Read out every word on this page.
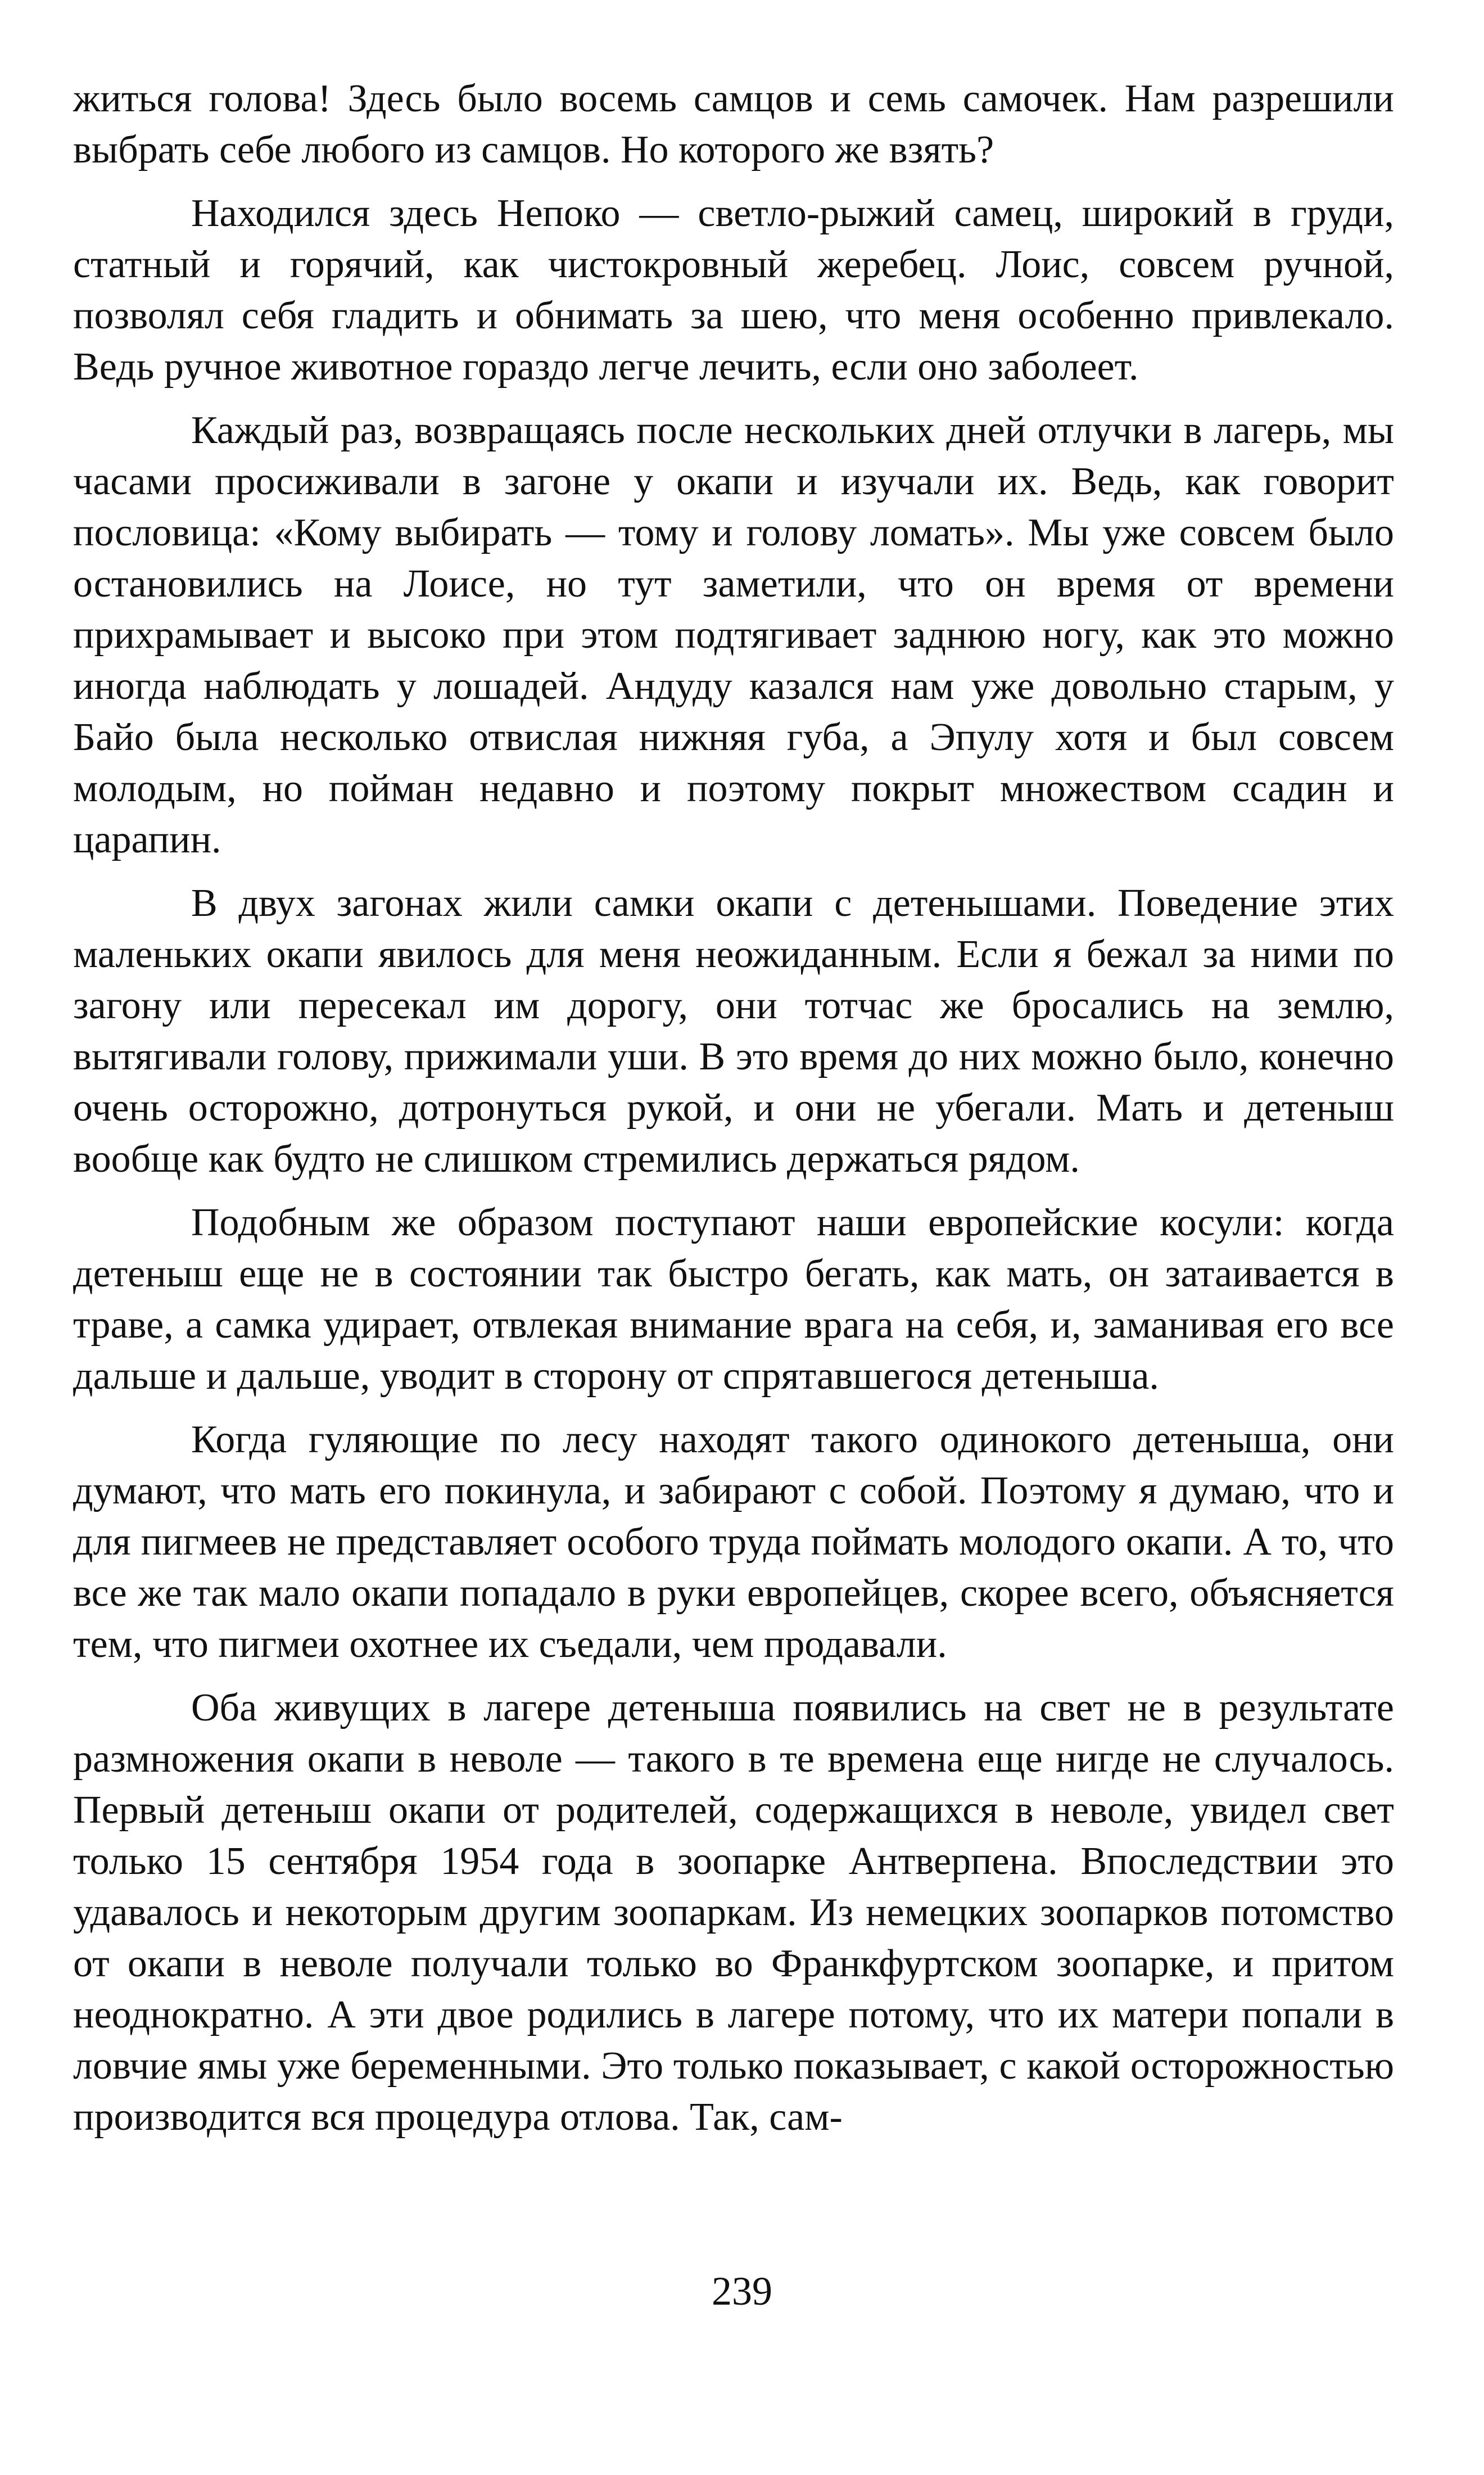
житься голова! Здесь было восемь самцов и семь самочек. Нам разрешили выбрать себе любого из самцов. Но которого же взять?

Находился здесь Непоко — светло-рыжий самец, широкий в груди, статный и горячий, как чистокровный жеребец. Лоис, совсем ручной, позволял себя гладить и обнимать за шею, что меня особенно привлекало. Ведь ручное животное гораздо легче лечить, если оно заболеет.

Каждый раз, возвращаясь после нескольких дней отлучки в лагерь, мы часами просиживали в загоне у окапи и изучали их. Ведь, как говорит пословица: «Кому выбирать — тому и голову ломать». Мы уже совсем было остановились на Лоисе, но тут заметили, что он время от времени прихрамывает и высоко при этом подтягивает заднюю ногу, как это можно иногда наблюдать у лошадей. Андуду казался нам уже довольно старым, у Байо была несколько отвислая нижняя губа, а Эпулу хотя и был совсем молодым, но пойман недавно и поэтому покрыт множеством ссадин и царапин.

В двух загонах жили самки окапи с детенышами. Поведение этих маленьких окапи явилось для меня неожиданным. Если я бежал за ними по загону или пересекал им дорогу, они тотчас же бросались на землю, вытягивали голову, прижимали уши. В это время до них можно было, конечно очень осторожно, дотронуться рукой, и они не убегали. Мать и детеныш вообще как будто не слишком стремились держаться рядом.

Подобным же образом поступают наши европейские косули: когда детеныш еще не в состоянии так быстро бегать, как мать, он затаивается в траве, а самка удирает, отвлекая внимание врага на себя, и, заманивая его все дальше и дальше, уводит в сторону от спрятавшегося детеныша.

Когда гуляющие по лесу находят такого одинокого детеныша, они думают, что мать его покинула, и забирают с собой. Поэтому я думаю, что и для пигмеев не представляет особого труда поймать молодого окапи. А то, что все же так мало окапи попадало в руки европейцев, скорее всего, объясняется тем, что пигмеи охотнее их съедали, чем продавали.

Оба живущих в лагере детеныша появились на свет не в результате размножения окапи в неволе — такого в те времена еще нигде не случалось. Первый детеныш окапи от родителей, содержащихся в неволе, увидел свет только 15 сентября 1954 года в зоопарке Антверпена. Впоследствии это удавалось и некоторым другим зоопаркам. Из немецких зоопарков потомство от окапи в неволе получали только во Франкфуртском зоопарке, и притом неоднократно. А эти двое родились в лагере потому, что их матери попали в ловчие ямы уже беременными. Это только показывает, с какой осторожностью производится вся процедура отлова. Так, сам-

239
